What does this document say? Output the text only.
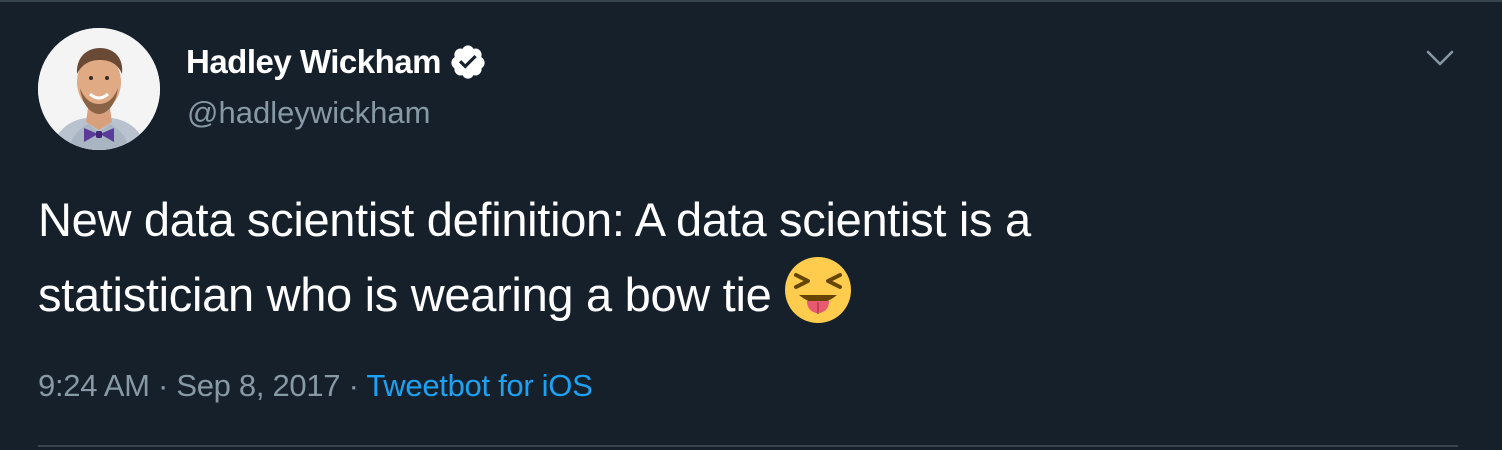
Hadley Wickham
@hadleywickham
New data scientist definition: A data scientist is a
statistician who is wearing a bow tie
9:24 AM · Sep 8, 2017 · Tweetbot for iOS
